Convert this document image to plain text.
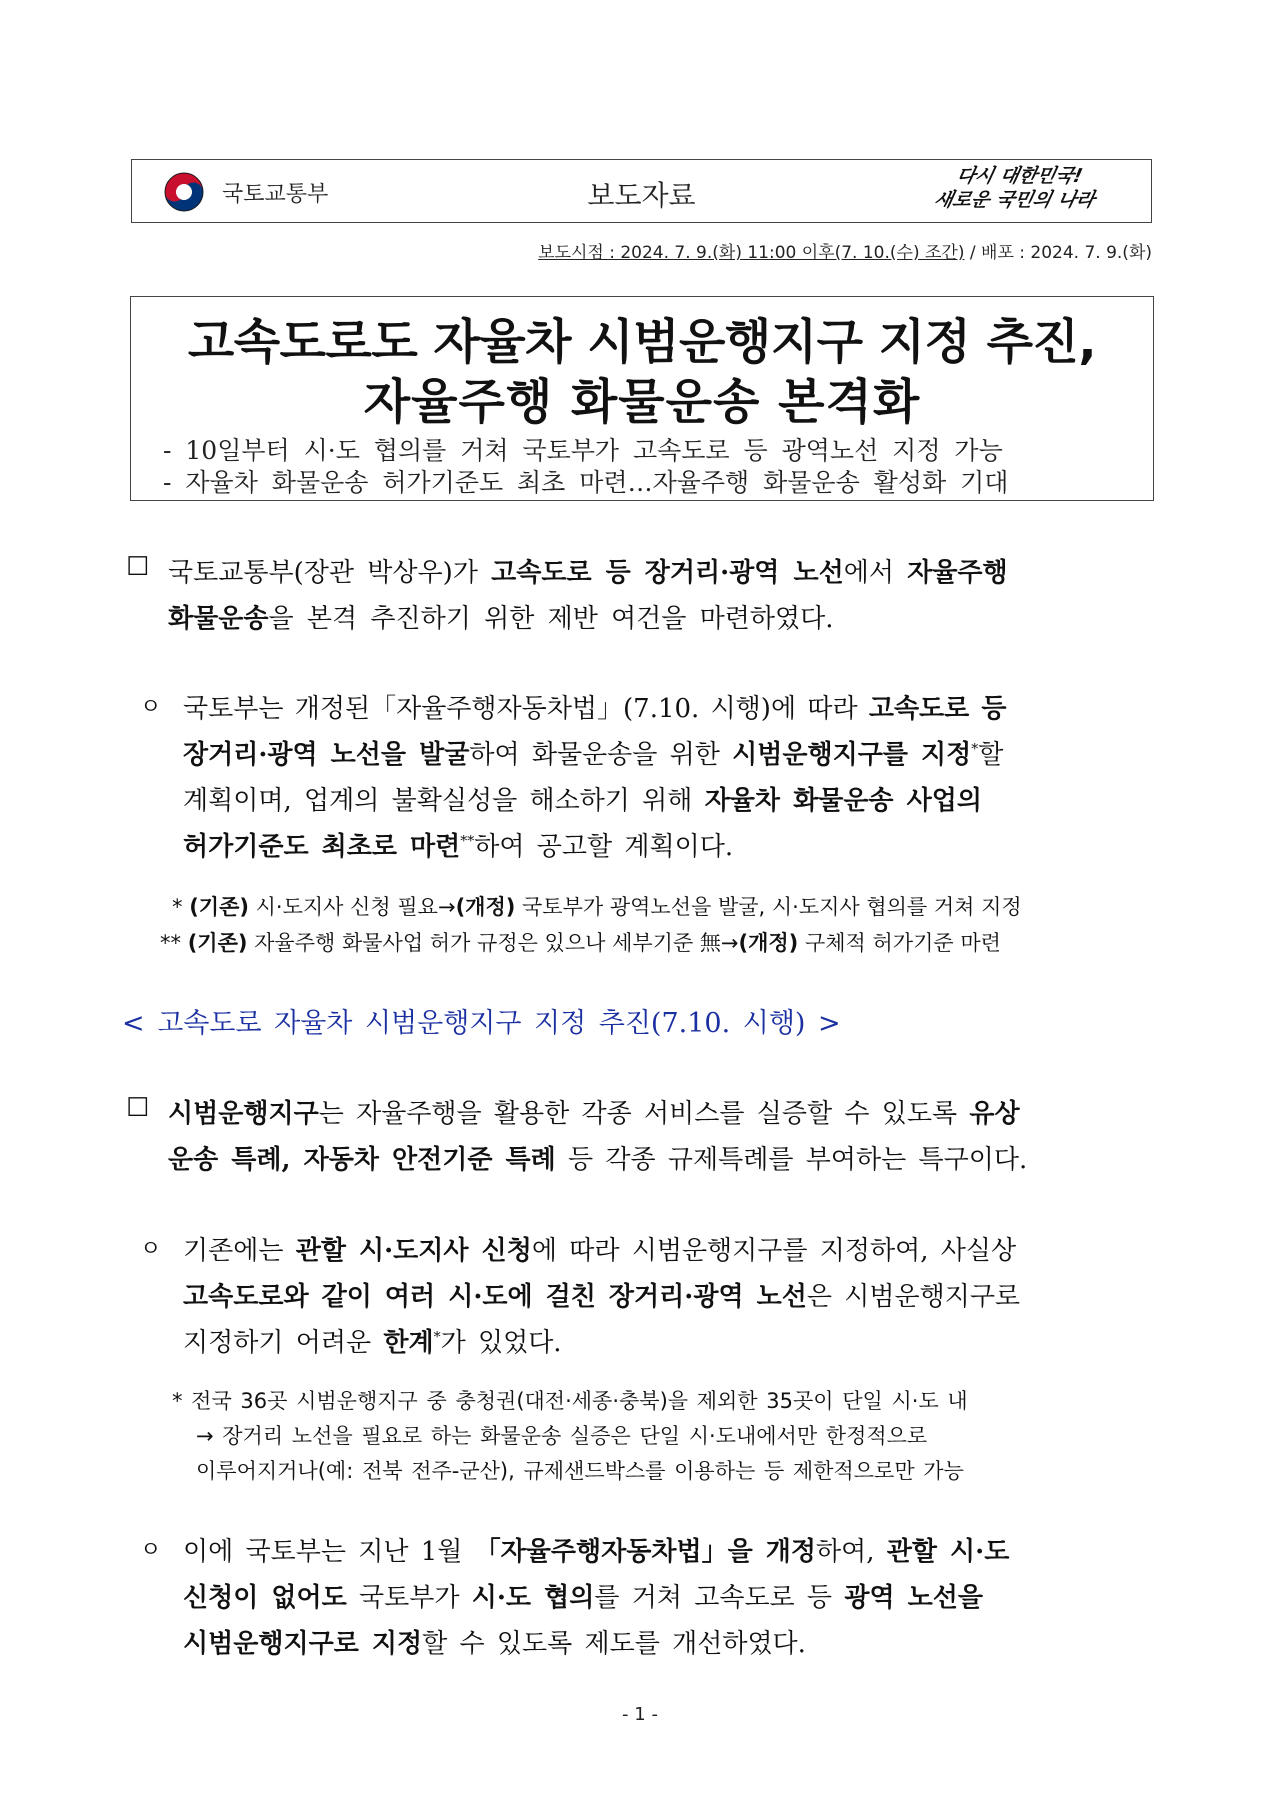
국토교통부	보도자료
다시 대한민국!
새로운 국민의 나라
보도시점 : 2024. 7. 9.(화) 11:00 이후(7. 10.(수) 조간) / 배포 : 2024. 7. 9.(화)
고속도로도 자율차 시범운행지구 지정 추진,
자율주행 화물운송 본격화
- 10일부터 시·도 협의를 거쳐 국토부가 고속도로 등 광역노선 지정 가능
- 자율차 화물운송 허가기준도 최초 마련…자율주행 화물운송 활성화 기대
☐ 국토교통부(장관 박상우)가 고속도로 등 장거리·광역 노선에서 자율주행
화물운송을 본격 추진하기 위한 제반 여건을 마련하였다.
ㅇ 국토부는 개정된「자율주행자동차법」(7.10. 시행)에 따라 고속도로 등
장거리·광역 노선을 발굴하여 화물운송을 위한 시범운행지구를 지정*할
계획이며, 업계의 불확실성을 해소하기 위해 자율차 화물운송 사업의
허가기준도 최초로 마련**하여 공고할 계획이다.
* (기존) 시·도지사 신청 필요→(개정) 국토부가 광역노선을 발굴, 시·도지사 협의를 거쳐 지정
** (기존) 자율주행 화물사업 허가 규정은 있으나 세부기준 無→(개정) 구체적 허가기준 마련
< 고속도로 자율차 시범운행지구 지정 추진(7.10. 시행) >
☐ 시범운행지구는 자율주행을 활용한 각종 서비스를 실증할 수 있도록 유상
운송 특례, 자동차 안전기준 특례 등 각종 규제특례를 부여하는 특구이다.
ㅇ 기존에는 관할 시·도지사 신청에 따라 시범운행지구를 지정하여, 사실상
고속도로와 같이 여러 시·도에 걸친 장거리·광역 노선은 시범운행지구로
지정하기 어려운 한계*가 있었다.
* 전국 36곳 시범운행지구 중 충청권(대전·세종·충북)을 제외한 35곳이 단일 시·도 내
→ 장거리 노선을 필요로 하는 화물운송 실증은 단일 시·도내에서만 한정적으로
이루어지거나(예: 전북 전주-군산), 규제샌드박스를 이용하는 등 제한적으로만 가능
ㅇ 이에 국토부는 지난 1월 「자율주행자동차법」을 개정하여, 관할 시·도
신청이 없어도 국토부가 시·도 협의를 거쳐 고속도로 등 광역 노선을
시범운행지구로 지정할 수 있도록 제도를 개선하였다.
- 1 -
